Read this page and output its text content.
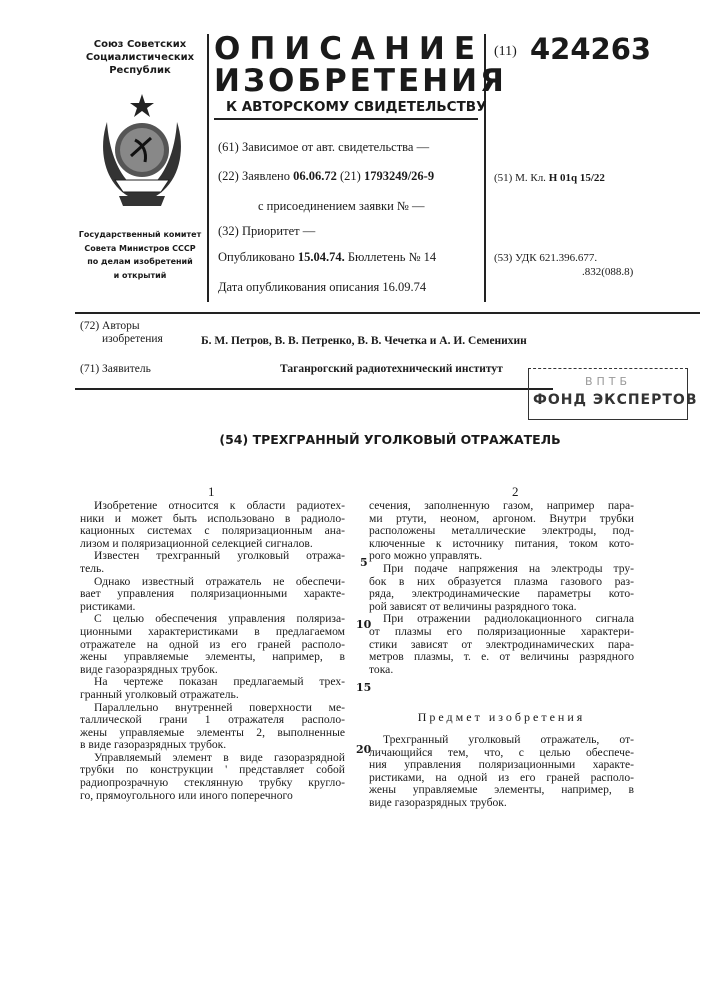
Союз Советских
Социалистических
Республик
Государственный комитет
Совета Министров СССР
по делам изобретений
и открытий
ОПИСАНИЕ
ИЗОБРЕТЕНИЯ
К АВТОРСКОМУ СВИДЕТЕЛЬСТВУ
(61) Зависимое от авт. свидетельства —
(22) Заявлено 06.06.72 (21) 1793249/26-9
с присоединением заявки № —
(32) Приоритет —
Опубликовано 15.04.74. Бюллетень № 14
Дата опубликования описания 16.09.74
(11) 424263
(51) М. Кл. H 01q 15/22
(53) УДК 621.396.677.
.832(088.8)
(72) Авторы
изобретения	Б. М. Петров, В. В. Петренко, В. В. Чечетка и А. И. Семенихин
(71) Заявитель	Таганрогский радиотехнический институт
ВПТБ
ФОНД ЭКСПЕРТОВ
(54) ТРЕХГРАННЫЙ УГОЛКОВЫЙ ОТРАЖАТЕЛЬ
1	2
Изобретение относится к области радиотех-
ники и может быть использовано в радиоло-
кационных системах с поляризационным ана-
лизом и поляризационной селекцией сигналов.
Известен трехгранный уголковый отража-
тель.
Однако известный отражатель не обеспечи-
вает управления поляризационными характе-
ристиками.
С целью обеспечения управления поляриза-
ционными характеристиками в предлагаемом
отражателе на одной из его граней располо-
жены управляемые элементы, например, в
виде газоразрядных трубок.
На чертеже показан предлагаемый трех-
гранный уголковый отражатель.
Параллельно внутренней поверхности ме-
таллической грани 1 отражателя располо-
жены управляемые элементы 2, выполненные
в виде газоразрядных трубок.
Управляемый элемент в виде газоразрядной
трубки по конструкции ' представляет собой
радиопрозрачную стеклянную трубку кругло-
го, прямоугольного или иного поперечного
сечения, заполненную газом, например пара-
ми ртути, неоном, аргоном. Внутри трубки
расположены металлические электроды, под-
ключенные к источнику питания, током кото-
рого можно управлять.
При подаче напряжения на электроды тру-
бок в них образуется плазма газового раз-
ряда, электродинамические параметры кото-
рой зависят от величины разрядного тока.
При отражении радиолокационного сигнала
от плазмы его поляризационные характери-
стики зависят от электродинамических пара-
метров плазмы, т. е. от величины разрядного
тока.
5
10
15
20
Предмет изобретения
Трехгранный уголковый отражатель, от-
личающийся тем, что, с целью обеспече-
ния управления поляризационными характе-
ристиками, на одной из его граней располо-
жены управляемые элементы, например, в
виде газоразрядных трубок.
